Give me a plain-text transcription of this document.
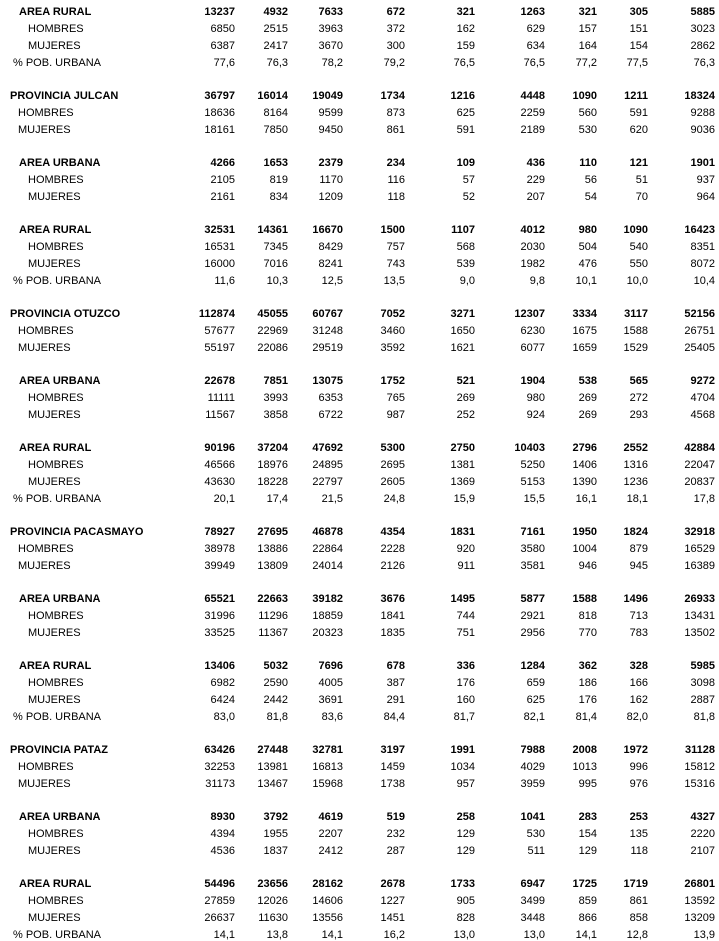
AREA RURAL	13237	4932	7633	672	321	1263	321	305	5885
HOMBRES	6850	2515	3963	372	162	629	157	151	3023
MUJERES	6387	2417	3670	300	159	634	164	154	2862
% POB. URBANA	77,6	76,3	78,2	79,2	76,5	76,5	77,2	77,5	76,3
PROVINCIA JULCAN	36797	16014	19049	1734	1216	4448	1090	1211	18324
HOMBRES	18636	8164	9599	873	625	2259	560	591	9288
MUJERES	18161	7850	9450	861	591	2189	530	620	9036
AREA URBANA	4266	1653	2379	234	109	436	110	121	1901
HOMBRES	2105	819	1170	116	57	229	56	51	937
MUJERES	2161	834	1209	118	52	207	54	70	964
AREA RURAL	32531	14361	16670	1500	1107	4012	980	1090	16423
HOMBRES	16531	7345	8429	757	568	2030	504	540	8351
MUJERES	16000	7016	8241	743	539	1982	476	550	8072
% POB. URBANA	11,6	10,3	12,5	13,5	9,0	9,8	10,1	10,0	10,4
PROVINCIA OTUZCO	112874	45055	60767	7052	3271	12307	3334	3117	52156
HOMBRES	57677	22969	31248	3460	1650	6230	1675	1588	26751
MUJERES	55197	22086	29519	3592	1621	6077	1659	1529	25405
AREA URBANA	22678	7851	13075	1752	521	1904	538	565	9272
HOMBRES	11111	3993	6353	765	269	980	269	272	4704
MUJERES	11567	3858	6722	987	252	924	269	293	4568
AREA RURAL	90196	37204	47692	5300	2750	10403	2796	2552	42884
HOMBRES	46566	18976	24895	2695	1381	5250	1406	1316	22047
MUJERES	43630	18228	22797	2605	1369	5153	1390	1236	20837
% POB. URBANA	20,1	17,4	21,5	24,8	15,9	15,5	16,1	18,1	17,8
PROVINCIA PACASMAYO	78927	27695	46878	4354	1831	7161	1950	1824	32918
HOMBRES	38978	13886	22864	2228	920	3580	1004	879	16529
MUJERES	39949	13809	24014	2126	911	3581	946	945	16389
AREA URBANA	65521	22663	39182	3676	1495	5877	1588	1496	26933
HOMBRES	31996	11296	18859	1841	744	2921	818	713	13431
MUJERES	33525	11367	20323	1835	751	2956	770	783	13502
AREA RURAL	13406	5032	7696	678	336	1284	362	328	5985
HOMBRES	6982	2590	4005	387	176	659	186	166	3098
MUJERES	6424	2442	3691	291	160	625	176	162	2887
% POB. URBANA	83,0	81,8	83,6	84,4	81,7	82,1	81,4	82,0	81,8
PROVINCIA PATAZ	63426	27448	32781	3197	1991	7988	2008	1972	31128
HOMBRES	32253	13981	16813	1459	1034	4029	1013	996	15812
MUJERES	31173	13467	15968	1738	957	3959	995	976	15316
AREA URBANA	8930	3792	4619	519	258	1041	283	253	4327
HOMBRES	4394	1955	2207	232	129	530	154	135	2220
MUJERES	4536	1837	2412	287	129	511	129	118	2107
AREA RURAL	54496	23656	28162	2678	1733	6947	1725	1719	26801
HOMBRES	27859	12026	14606	1227	905	3499	859	861	13592
MUJERES	26637	11630	13556	1451	828	3448	866	858	13209
% POB. URBANA	14,1	13,8	14,1	16,2	13,0	13,0	14,1	12,8	13,9
